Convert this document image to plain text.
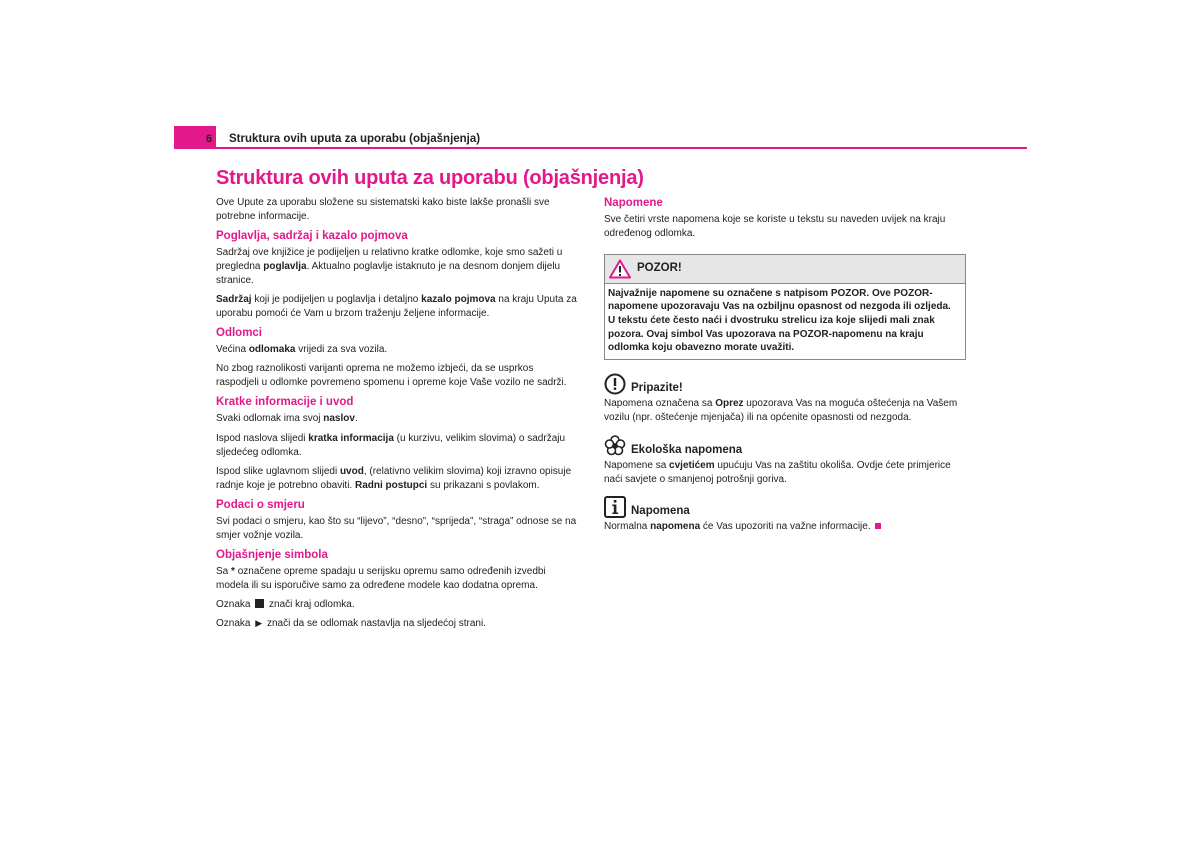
6 Struktura ovih uputa za uporabu (objašnjenja)
Struktura ovih uputa za uporabu (objašnjenja)

Ove Upute za uporabu složene su sistematski kako biste lakše pronašli sve potrebne informacije.

Poglavlja, sadržaj i kazalo pojmova

Sadržaj ove knjižice je podijeljen u relativno kratke odlomke, koje smo sažeti u pregledna poglavlja. Aktualno poglavlje istaknuto je na desnom donjem dijelu stranice.

Sadržaj koji je podijeljen u poglavlja i detaljno kazalo pojmova na kraju Uputa za uporabu pomoći će Vam u brzom traženju željene informacije.

Odlomci

Većina odlomaka vrijedi za sva vozila.

No zbog raznolikosti varijanti oprema ne možemo izbjeći, da se usprkos raspodjeli u odlomke povremeno spomenu i opreme koje Vaše vozilo ne sadrži.

Kratke informacije i uvod

Svaki odlomak ima svoj naslov.

Ispod naslova slijedi kratka informacija (u kurzivu, velikim slovima) o sadržaju sljedećeg odlomka.

Ispod slike uglavnom slijedi uvod, (relativno velikim slovima) koji izravno opisuje radnje koje je potrebno obaviti. Radni postupci su prikazani s povlakom.

Podaci o smjeru

Svi podaci o smjeru, kao što su “lijevo”, “desno”, “sprijeda”, “straga” odnose se na smjer vožnje vozila.

Objašnjenje simbola

Sa * označene opreme spadaju u serijsku opremu samo određenih izvedbi modela ili su isporučive samo za određene modele kao dodatna oprema.

Oznaka  znači kraj odlomka.

Oznaka ▶ znači da se odlomak nastavlja na sljedećoj strani.

Napomene

Sve četiri vrste napomena koje se koriste u tekstu su naveden uvijek na kraju određenog odlomka.

POZOR!
Najvažnije napomene su označene s natpisom POZOR. Ove POZOR-napomene upozoravaju Vas na ozbiljnu opasnost od nezgoda ili ozljeda. U tekstu ćete često naći i dvostruku strelicu iza koje slijedi mali znak pozora. Ovaj simbol Vas upozorava na POZOR-napomenu na kraju odlomka koju obavezno morate uvažiti.
Pripazite!

Napomena označena sa Oprez upozorava Vas na moguća oštećenja na Vašem vozilu (npr. oštećenje mjenjača) ili na općenite opasnosti od nezgoda.

Ekološka napomena

Napomene sa cvjetićem upućuju Vas na zaštitu okoliša. Ovdje ćete primjerice naći savjete o smanjenoj potrošnji goriva.

Napomena

Normalna napomena će Vas upozoriti na važne informacije.
